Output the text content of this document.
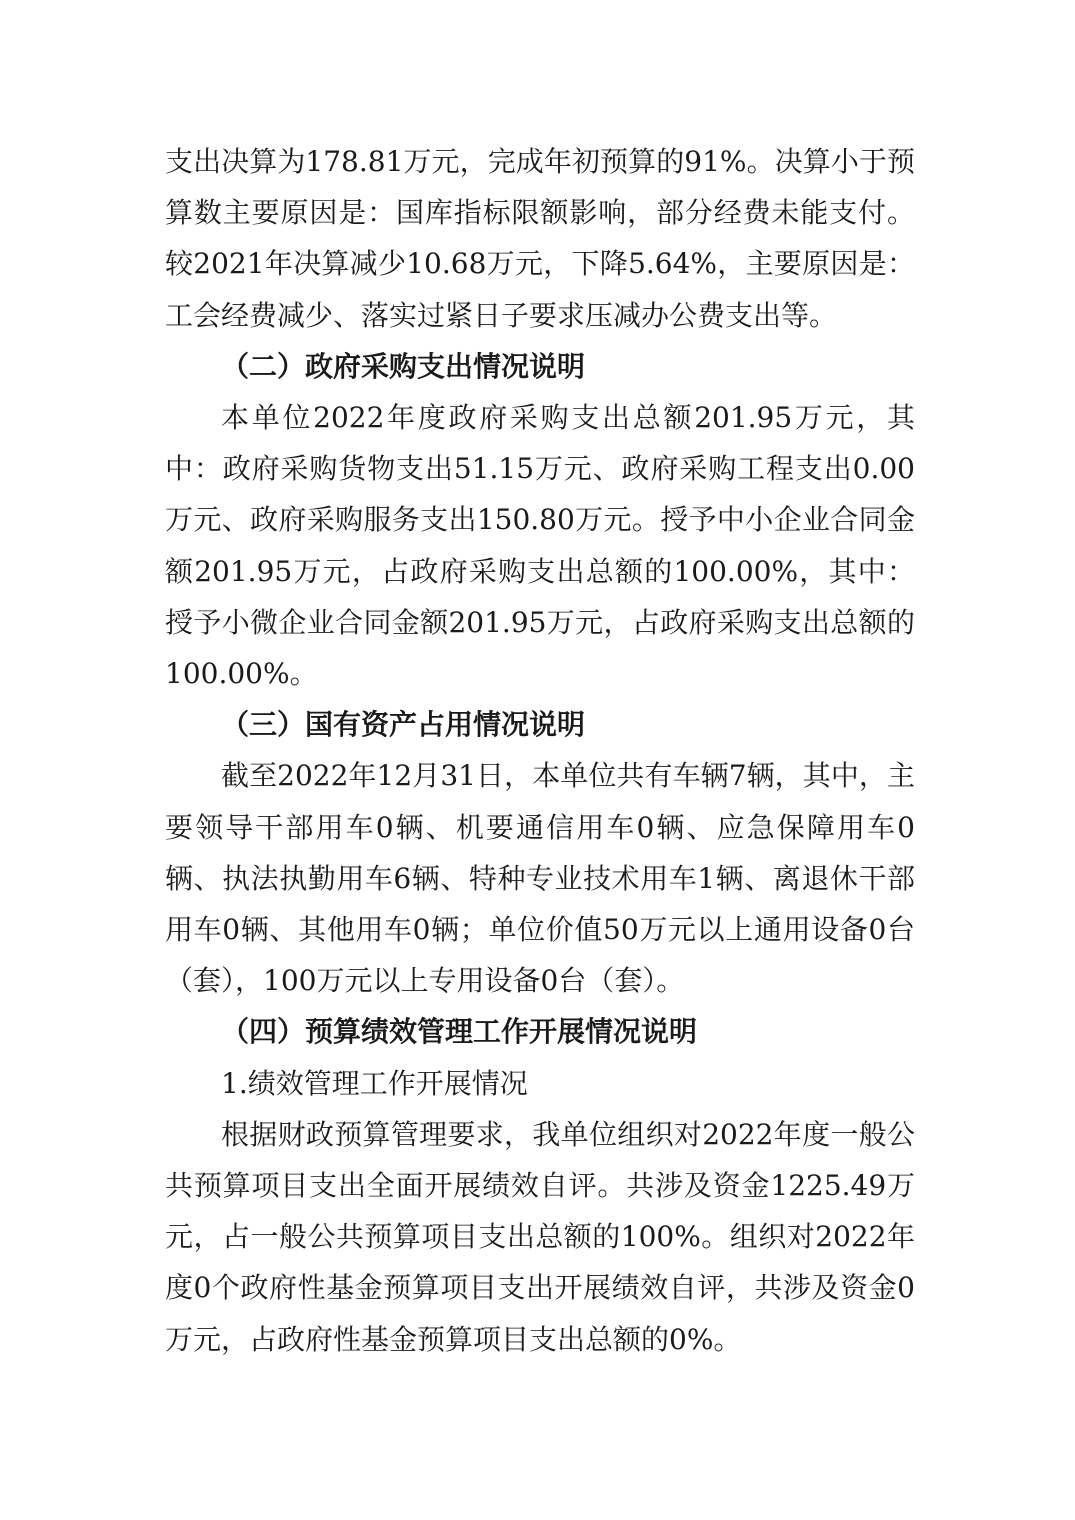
支出决算为178.81万元，完成年初预算的91%。决算小于预算数主要原因是：国库指标限额影响，部分经费未能支付。较2021年决算减少10.68万元，下降5.64%，主要原因是：工会经费减少、落实过紧日子要求压减办公费支出等。

（二）政府采购支出情况说明

本单位2022年度政府采购支出总额201.95万元，其中：政府采购货物支出51.15万元、政府采购工程支出0.00万元、政府采购服务支出150.80万元。授予中小企业合同金额201.95万元，占政府采购支出总额的100.00%，其中：授予小微企业合同金额201.95万元，占政府采购支出总额的100.00%。

（三）国有资产占用情况说明

截至2022年12月31日，本单位共有车辆7辆，其中，主要领导干部用车0辆、机要通信用车0辆、应急保障用车0辆、执法执勤用车6辆、特种专业技术用车1辆、离退休干部用车0辆、其他用车0辆；单位价值50万元以上通用设备0台（套），100万元以上专用设备0台（套）。

（四）预算绩效管理工作开展情况说明

1.绩效管理工作开展情况

根据财政预算管理要求，我单位组织对2022年度一般公共预算项目支出全面开展绩效自评。共涉及资金1225.49万元，占一般公共预算项目支出总额的100%。组织对2022年度0个政府性基金预算项目支出开展绩效自评，共涉及资金0万元，占政府性基金预算项目支出总额的0%。
